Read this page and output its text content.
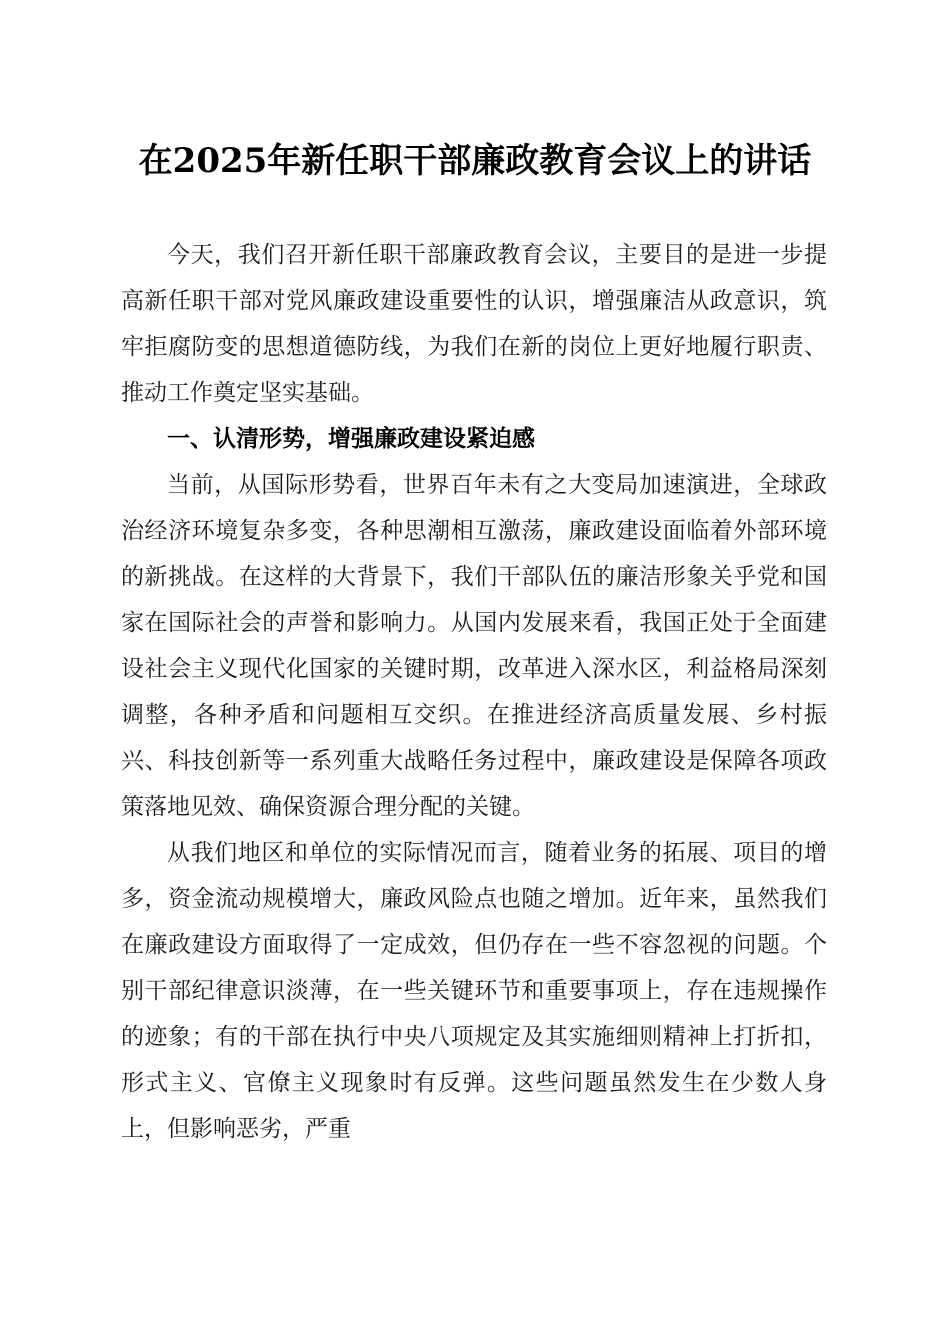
在2025年新任职干部廉政教育会议上的讲话

今天，我们召开新任职干部廉政教育会议，主要目的是进一步提高新任职干部对党风廉政建设重要性的认识，增强廉洁从政意识，筑牢拒腐防变的思想道德防线，为我们在新的岗位上更好地履行职责、推动工作奠定坚实基础。

一、认清形势，增强廉政建设紧迫感

当前，从国际形势看，世界百年未有之大变局加速演进，全球政治经济环境复杂多变，各种思潮相互激荡，廉政建设面临着外部环境的新挑战。在这样的大背景下，我们干部队伍的廉洁形象关乎党和国家在国际社会的声誉和影响力。从国内发展来看，我国正处于全面建设社会主义现代化国家的关键时期，改革进入深水区，利益格局深刻调整，各种矛盾和问题相互交织。在推进经济高质量发展、乡村振兴、科技创新等一系列重大战略任务过程中，廉政建设是保障各项政策落地见效、确保资源合理分配的关键。

从我们地区和单位的实际情况而言，随着业务的拓展、项目的增多，资金流动规模增大，廉政风险点也随之增加。近年来，虽然我们在廉政建设方面取得了一定成效，但仍存在一些不容忽视的问题。个别干部纪律意识淡薄，在一些关键环节和重要事项上，存在违规操作的迹象；有的干部在执行中央八项规定及其实施细则精神上打折扣，形式主义、官僚主义现象时有反弹。这些问题虽然发生在少数人身上，但影响恶劣，严重
